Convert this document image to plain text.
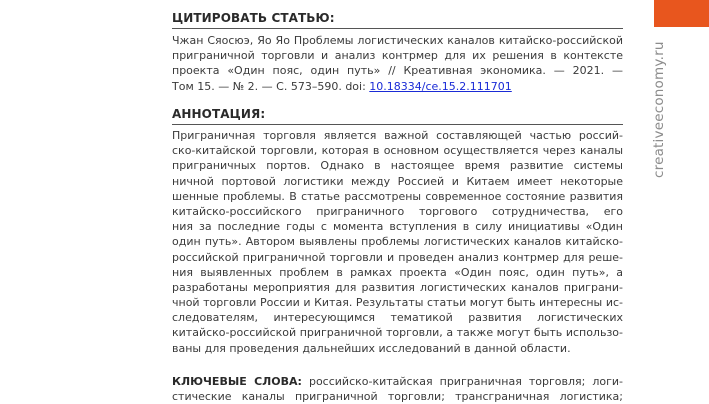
creativeeconomy.ru
ЦИТИРОВАТЬ СТАТЬЮ:
Чжан Сяосюэ, Яо Яо Проблемы логистических каналов китайско-российской
приграничной торговли и анализ контрмер для их решения в контексте
проекта «Один пояс, один путь» // Креативная экономика. — 2021. —
Том 15. — № 2. — С. 573–590. doi: 10.18334/ce.15.2.111701
АННОТАЦИЯ:
Приграничная торговля является важной составляющей частью россий-
ско-китайской торговли, которая в основном осуществляется через каналы
приграничных портов. Однако в настоящее время развитие системы
ничной портовой логистики между Россией и Китаем имеет некоторые
шенные проблемы. В статье рассмотрены современное состояние развития
китайско-российского приграничного торгового сотрудничества, его
ния за последние годы с момента вступления в силу инициативы «Один
один путь». Автором выявлены проблемы логистических каналов китайско-
российской приграничной торговли и проведен анализ контрмер для реше-
ния выявленных проблем в рамках проекта «Один пояс, один путь», а
разработаны мероприятия для развития логистических каналов приграни-
чной торговли России и Китая. Результаты статьи могут быть интересны ис-
следователям, интересующимся тематикой развития логистических
китайско-российской приграничной торговли, а также могут быть использо-
ваны для проведения дальнейших исследований в данной области.
КЛЮЧЕВЫЕ СЛОВА: российско-китайская приграничная торговля; логи-
стические каналы приграничной торговли; трансграничная логистика;
